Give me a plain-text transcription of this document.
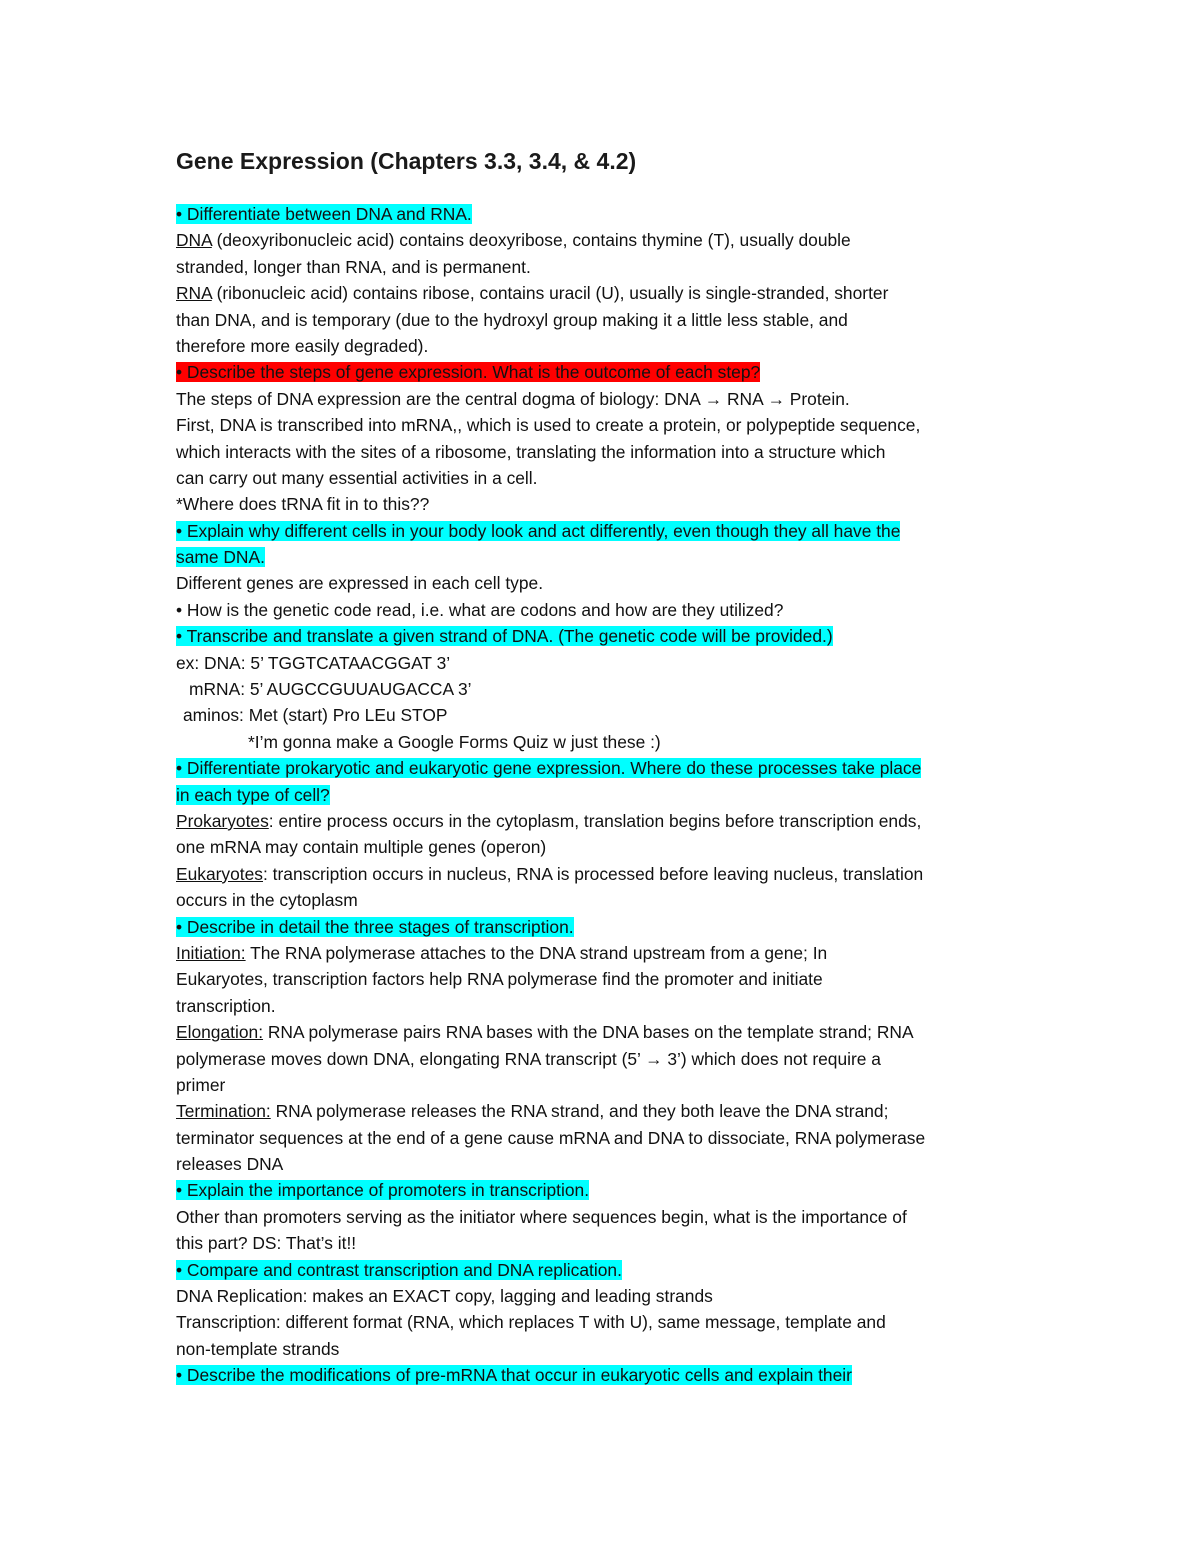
Gene Expression (Chapters 3.3, 3.4, & 4.2)
• Differentiate between DNA and RNA.
DNA (deoxyribonucleic acid) contains deoxyribose, contains thymine (T), usually double
stranded, longer than RNA, and is permanent.
RNA (ribonucleic acid) contains ribose, contains uracil (U), usually is single-stranded, shorter
than DNA, and is temporary (due to the hydroxyl group making it a little less stable, and
therefore more easily degraded).
• Describe the steps of gene expression. What is the outcome of each step?
The steps of DNA expression are the central dogma of biology: DNA → RNA → Protein.
First, DNA is transcribed into mRNA,, which is used to create a protein, or polypeptide sequence,
which interacts with the sites of a ribosome, translating the information into a structure which
can carry out many essential activities in a cell.
*Where does tRNA fit in to this??
• Explain why different cells in your body look and act differently, even though they all have the
same DNA.
Different genes are expressed in each cell type.
• How is the genetic code read, i.e. what are codons and how are they utilized?
• Transcribe and translate a given strand of DNA. (The genetic code will be provided.)
ex: DNA: 5’ TGGTCATAACGGAT 3’
mRNA: 5’ AUGCCGUUAUGACCA 3’
aminos: Met (start) Pro LEu STOP
*I’m gonna make a Google Forms Quiz w just these :)
• Differentiate prokaryotic and eukaryotic gene expression. Where do these processes take place
in each type of cell?
Prokaryotes: entire process occurs in the cytoplasm, translation begins before transcription ends,
one mRNA may contain multiple genes (operon)
Eukaryotes: transcription occurs in nucleus, RNA is processed before leaving nucleus, translation
occurs in the cytoplasm
• Describe in detail the three stages of transcription.
Initiation: The RNA polymerase attaches to the DNA strand upstream from a gene; In
Eukaryotes, transcription factors help RNA polymerase find the promoter and initiate
transcription.
Elongation: RNA polymerase pairs RNA bases with the DNA bases on the template strand; RNA
polymerase moves down DNA, elongating RNA transcript (5’ → 3’) which does not require a
primer
Termination: RNA polymerase releases the RNA strand, and they both leave the DNA strand;
terminator sequences at the end of a gene cause mRNA and DNA to dissociate, RNA polymerase
releases DNA
• Explain the importance of promoters in transcription.
Other than promoters serving as the initiator where sequences begin, what is the importance of
this part? DS: That’s it!!
• Compare and contrast transcription and DNA replication.
DNA Replication: makes an EXACT copy, lagging and leading strands
Transcription: different format (RNA, which replaces T with U), same message, template and
non-template strands
• Describe the modifications of pre-mRNA that occur in eukaryotic cells and explain their
